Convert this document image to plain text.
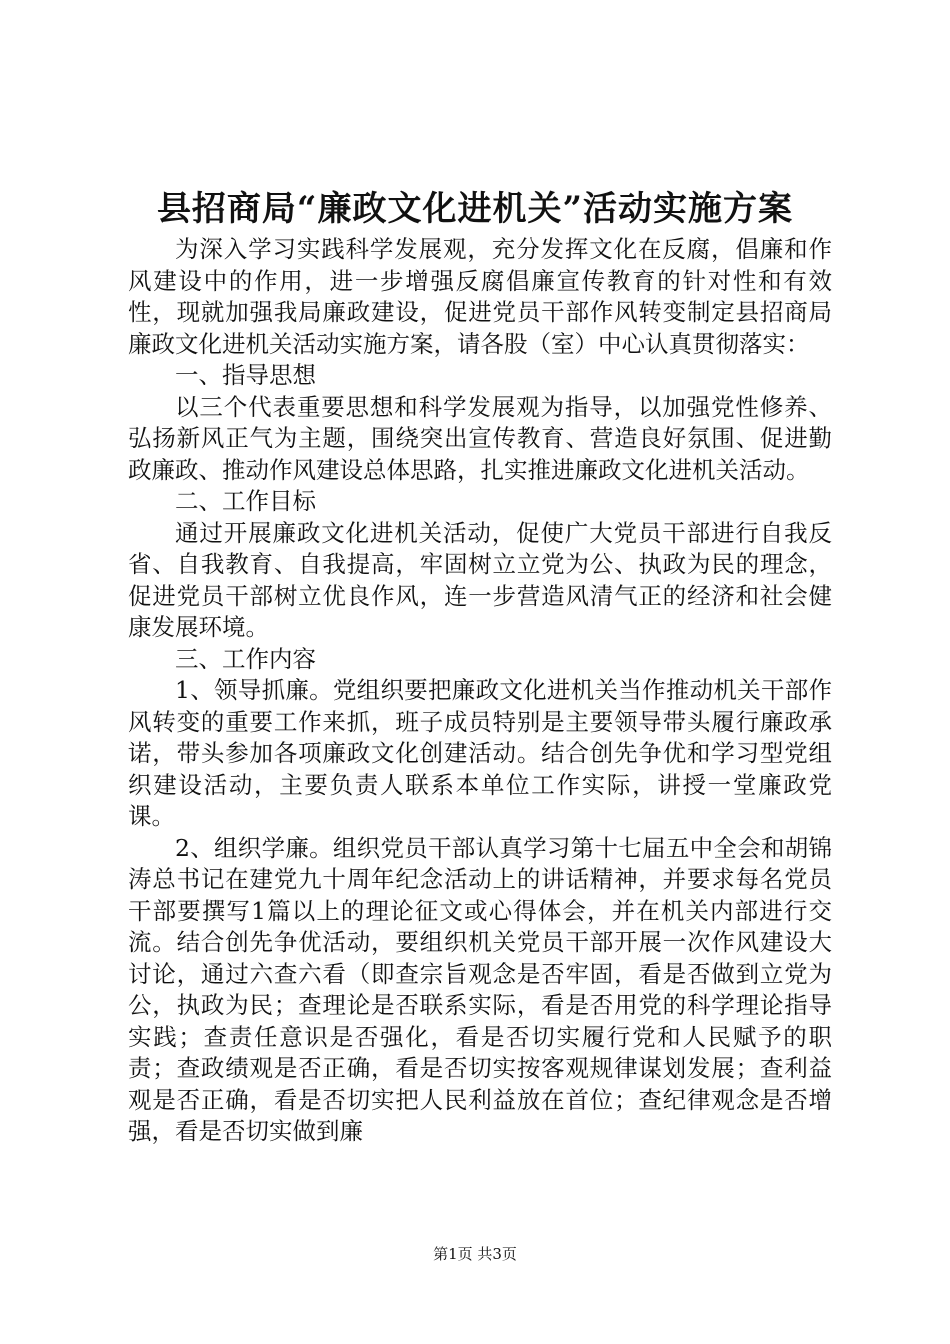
县招商局“廉政文化进机关”活动实施方案

为深入学习实践科学发展观，充分发挥文化在反腐，倡廉和作风建设中的作用，进一步增强反腐倡廉宣传教育的针对性和有效性，现就加强我局廉政建设，促进党员干部作风转变制定县招商局廉政文化进机关活动实施方案，请各股（室）中心认真贯彻落实：

一、指导思想

以三个代表重要思想和科学发展观为指导，以加强党性修养、弘扬新风正气为主题，围绕突出宣传教育、营造良好氛围、促进勤政廉政、推动作风建设总体思路，扎实推进廉政文化进机关活动。

二、工作目标

通过开展廉政文化进机关活动，促使广大党员干部进行自我反省、自我教育、自我提高，牢固树立立党为公、执政为民的理念，促进党员干部树立优良作风，连一步营造风清气正的经济和社会健康发展环境。

三、工作内容

1、领导抓廉。党组织要把廉政文化进机关当作推动机关干部作风转变的重要工作来抓，班子成员特别是主要领导带头履行廉政承诺，带头参加各项廉政文化创建活动。结合创先争优和学习型党组织建设活动，主要负责人联系本单位工作实际，讲授一堂廉政党课。

2、组织学廉。组织党员干部认真学习第十七届五中全会和胡锦涛总书记在建党九十周年纪念活动上的讲话精神，并要求每名党员干部要撰写1篇以上的理论征文或心得体会，并在机关内部进行交流。结合创先争优活动，要组织机关党员干部开展一次作风建设大讨论，通过六查六看（即查宗旨观念是否牢固，看是否做到立党为公，执政为民；查理论是否联系实际，看是否用党的科学理论指导实践；查责任意识是否强化，看是否切实履行党和人民赋予的职责；查政绩观是否正确，看是否切实按客观规律谋划发展；查利益观是否正确，看是否切实把人民利益放在首位；查纪律观念是否增强，看是否切实做到廉

第1页 共3页
